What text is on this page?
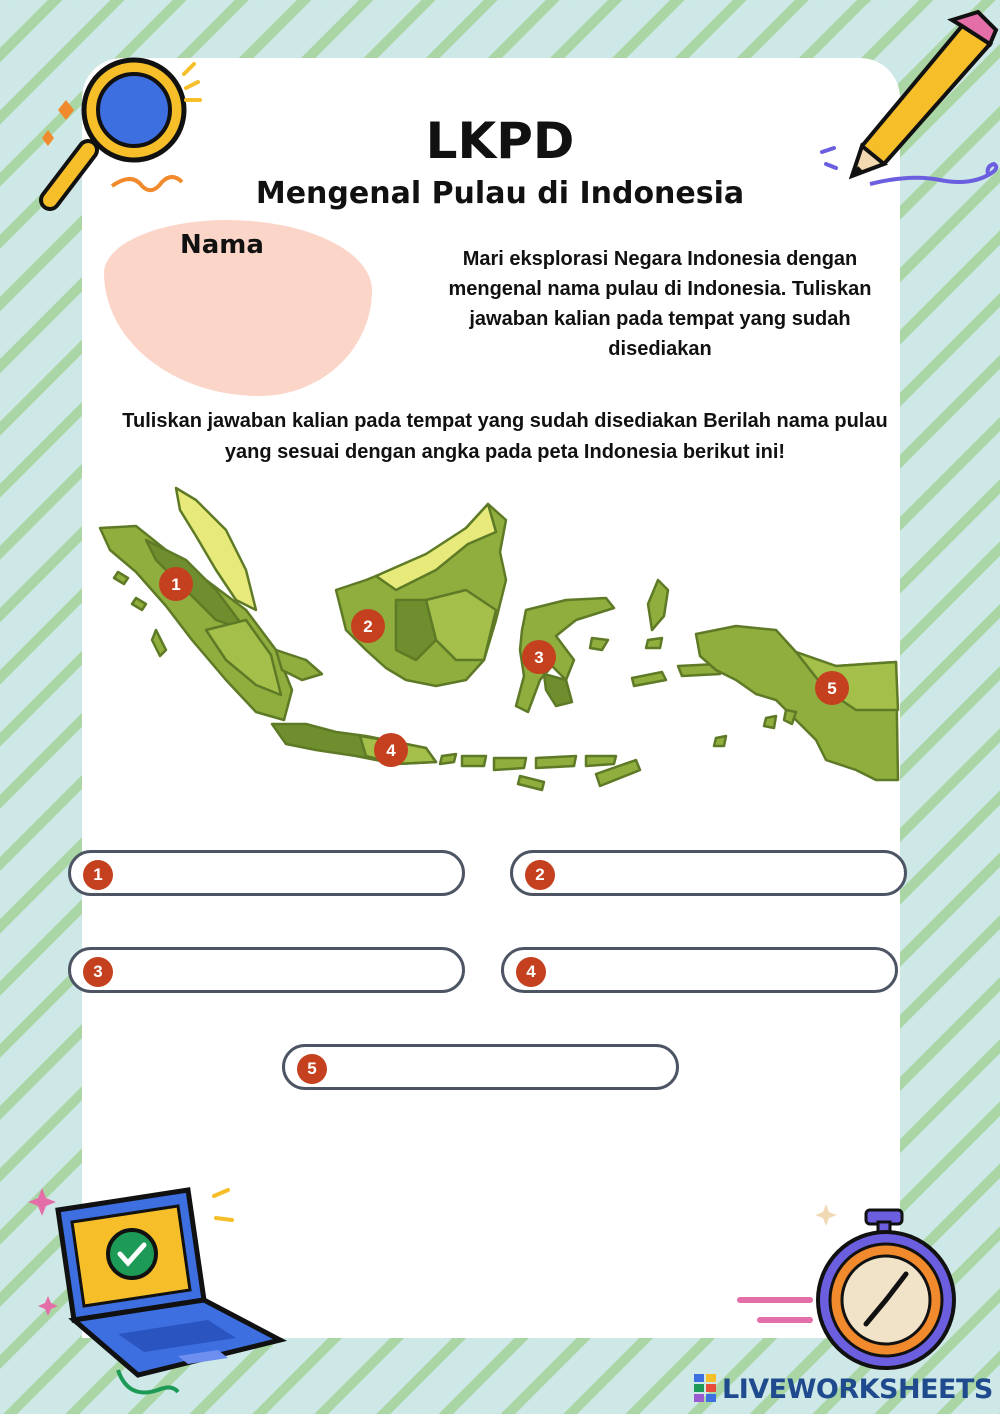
LKPD
Mengenal Pulau di Indonesia
Nama	Mari eksplorasi Negara Indonesia dengan mengenal nama pulau di Indonesia. Tuliskan jawaban kalian pada tempat yang sudah disediakan
Tuliskan jawaban kalian pada tempat yang sudah disediakan Berilah nama pulau yang sesuai dengan angka pada peta Indonesia berikut ini!
1
2
3
4
5
1	2
3	4
5
LIVEWORKSHEETS
